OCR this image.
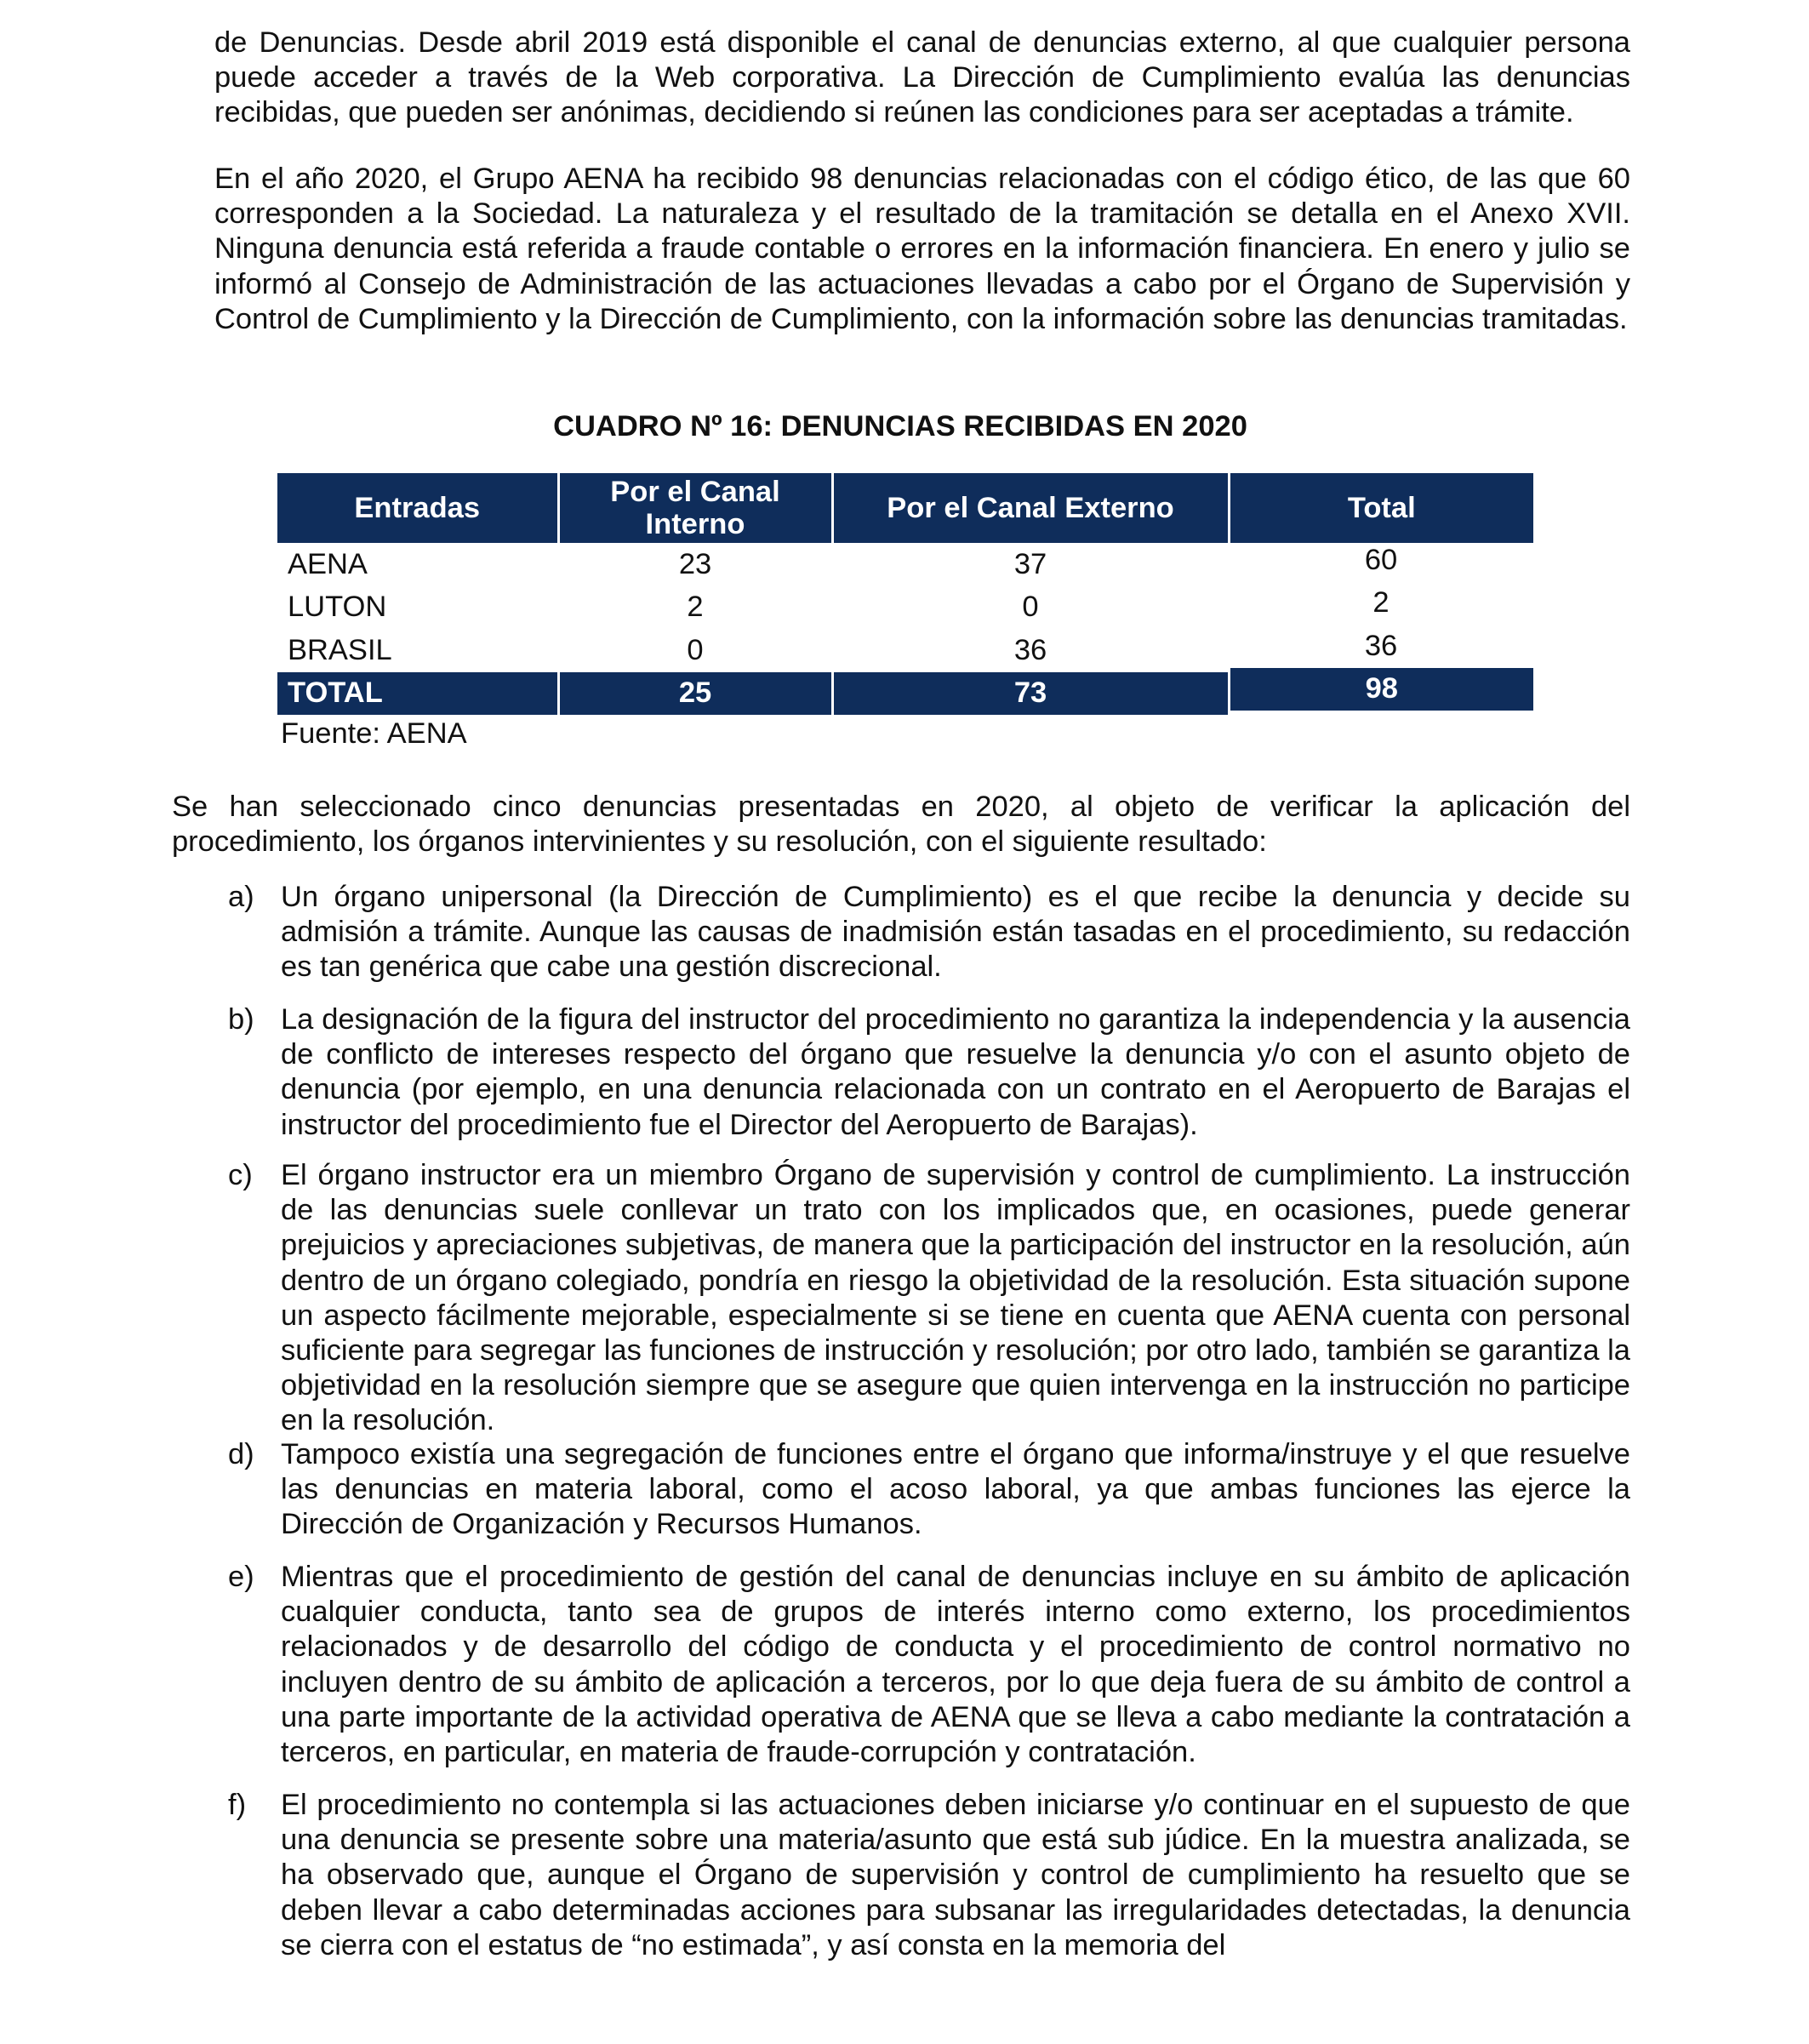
de Denuncias. Desde abril 2019 está disponible el canal de denuncias externo, al que cualquier persona puede acceder a través de la Web corporativa. La Dirección de Cumplimiento evalúa las denuncias recibidas, que pueden ser anónimas, decidiendo si reúnen las condiciones para ser aceptadas a trámite.

En el año 2020, el Grupo AENA ha recibido 98 denuncias relacionadas con el código ético, de las que 60 corresponden a la Sociedad. La naturaleza y el resultado de la tramitación se detalla en el Anexo XVII. Ninguna denuncia está referida a fraude contable o errores en la información financiera. En enero y julio se informó al Consejo de Administración de las actuaciones llevadas a cabo por el Órgano de Supervisión y Control de Cumplimiento y la Dirección de Cumplimiento, con la información sobre las denuncias tramitadas.

CUADRO Nº 16: DENUNCIAS RECIBIDAS EN 2020

Entradas	Por el Canal Interno	Por el Canal Externo	Total
AENA	23	37	60
LUTON	2	0	2
BRASIL	0	36	36
TOTAL	25	73	98

Fuente: AENA

Se han seleccionado cinco denuncias presentadas en 2020, al objeto de verificar la aplicación del procedimiento, los órganos intervinientes y su resolución, con el siguiente resultado:

a) Un órgano unipersonal (la Dirección de Cumplimiento) es el que recibe la denuncia y decide su admisión a trámite. Aunque las causas de inadmisión están tasadas en el procedimiento, su redacción es tan genérica que cabe una gestión discrecional.

b) La designación de la figura del instructor del procedimiento no garantiza la independencia y la ausencia de conflicto de intereses respecto del órgano que resuelve la denuncia y/o con el asunto objeto de denuncia (por ejemplo, en una denuncia relacionada con un contrato en el Aeropuerto de Barajas el instructor del procedimiento fue el Director del Aeropuerto de Barajas).

c) El órgano instructor era un miembro Órgano de supervisión y control de cumplimiento. La instrucción de las denuncias suele conllevar un trato con los implicados que, en ocasiones, puede generar prejuicios y apreciaciones subjetivas, de manera que la participación del instructor en la resolución, aún dentro de un órgano colegiado, pondría en riesgo la objetividad de la resolución. Esta situación supone un aspecto fácilmente mejorable, especialmente si se tiene en cuenta que AENA cuenta con personal suficiente para segregar las funciones de instrucción y resolución; por otro lado, también se garantiza la objetividad en la resolución siempre que se asegure que quien intervenga en la instrucción no participe en la resolución.

d) Tampoco existía una segregación de funciones entre el órgano que informa/instruye y el que resuelve las denuncias en materia laboral, como el acoso laboral, ya que ambas funciones las ejerce la Dirección de Organización y Recursos Humanos.

e) Mientras que el procedimiento de gestión del canal de denuncias incluye en su ámbito de aplicación cualquier conducta, tanto sea de grupos de interés interno como externo, los procedimientos relacionados y de desarrollo del código de conducta y el procedimiento de control normativo no incluyen dentro de su ámbito de aplicación a terceros, por lo que deja fuera de su ámbito de control a una parte importante de la actividad operativa de AENA que se lleva a cabo mediante la contratación a terceros, en particular, en materia de fraude-corrupción y contratación.

f) El procedimiento no contempla si las actuaciones deben iniciarse y/o continuar en el supuesto de que una denuncia se presente sobre una materia/asunto que está sub júdice. En la muestra analizada, se ha observado que, aunque el Órgano de supervisión y control de cumplimiento ha resuelto que se deben llevar a cabo determinadas acciones para subsanar las irregularidades detectadas, la denuncia se cierra con el estatus de “no estimada”, y así consta en la memoria del
